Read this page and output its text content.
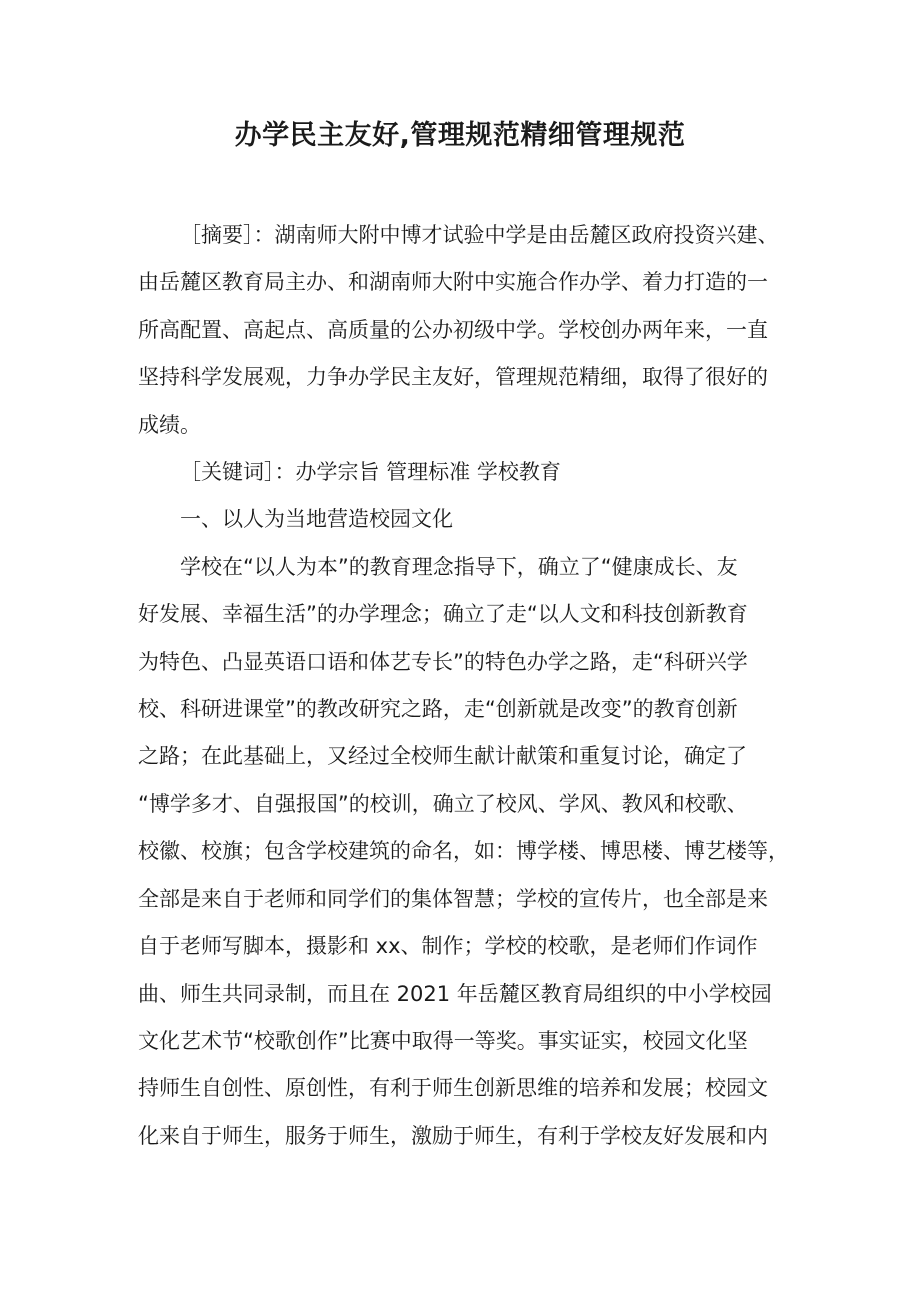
办学民主友好,管理规范精细管理规范
［摘要］：湖南师大附中博才试验中学是由岳麓区政府投资兴建、
由岳麓区教育局主办、和湖南师大附中实施合作办学、着力打造的一
所高配置、高起点、高质量的公办初级中学。学校创办两年来，一直
坚持科学发展观，力争办学民主友好，管理规范精细，取得了很好的
成绩。
［关键词］：办学宗旨 管理标准 学校教育
一、以人为当地营造校园文化
学校在“以人为本”的教育理念指导下，确立了“健康成长、友
好发展、幸福生活”的办学理念；确立了走“以人文和科技创新教育
为特色、凸显英语口语和体艺专长”的特色办学之路，走“科研兴学
校、科研进课堂”的教改研究之路，走“创新就是改变”的教育创新
之路；在此基础上，又经过全校师生献计献策和重复讨论，确定了
“博学多才、自强报国”的校训，确立了校风、学风、教风和校歌、
校徽、校旗；包含学校建筑的命名，如：博学楼、博思楼、博艺楼等，
全部是来自于老师和同学们的集体智慧；学校的宣传片，也全部是来
自于老师写脚本，摄影和 xx、制作；学校的校歌，是老师们作词作
曲、师生共同录制，而且在 2021 年岳麓区教育局组织的中小学校园
文化艺术节“校歌创作”比赛中取得一等奖。事实证实，校园文化坚
持师生自创性、原创性，有利于师生创新思维的培养和发展；校园文
化来自于师生，服务于师生，激励于师生，有利于学校友好发展和内
